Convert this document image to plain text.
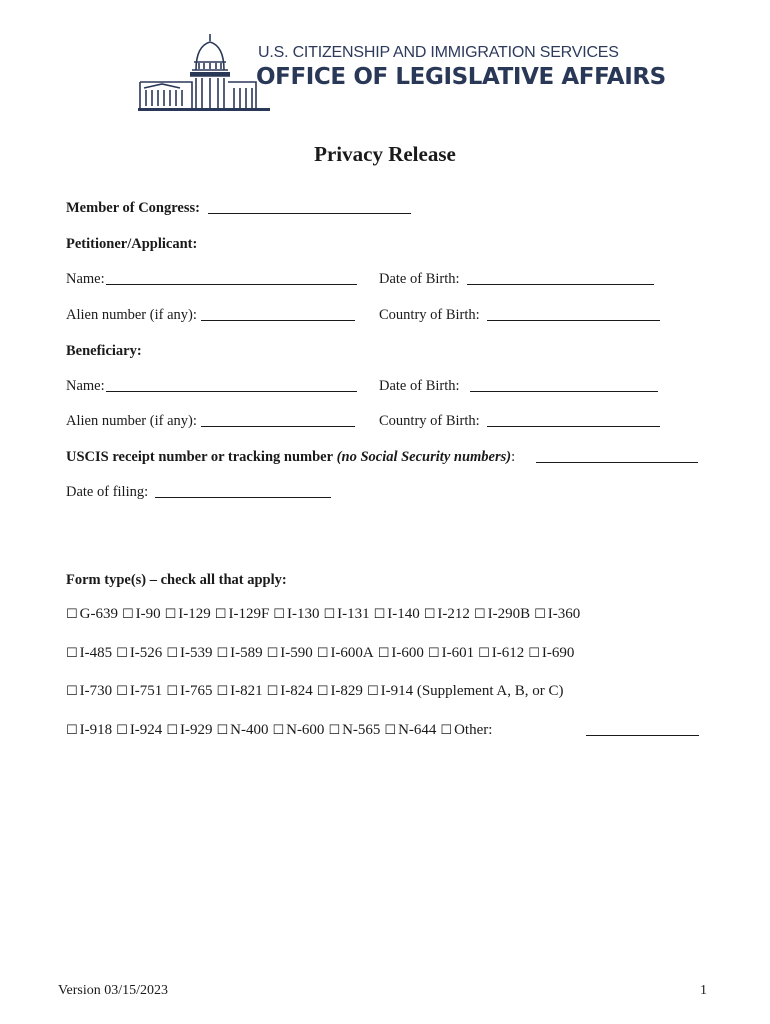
U.S. CITIZENSHIP AND IMMIGRATION SERVICES
OFFICE OF LEGISLATIVE AFFAIRS
Privacy Release
Member of Congress:
Petitioner/Applicant:
Name:	Date of Birth:
Alien number (if any):	Country of Birth:
Beneficiary:
Name:	Date of Birth:
Alien number (if any):	Country of Birth:
USCIS receipt number or tracking number (no Social Security numbers):
Date of filing:
Form type(s) – check all that apply:
☐ G-639 ☐ I-90 ☐ I-129 ☐ I-129F ☐ I-130 ☐ I-131 ☐ I-140 ☐ I-212 ☐ I-290B ☐ I-360
☐ I-485 ☐ I-526 ☐ I-539 ☐ I-589 ☐ I-590 ☐ I-600A ☐ I-600 ☐ I-601 ☐ I-612 ☐ I-690
☐ I-730 ☐ I-751 ☐ I-765 ☐ I-821 ☐ I-824 ☐ I-829 ☐ I-914 (Supplement A, B, or C)
☐ I-918 ☐ I-924 ☐ I-929 ☐ N-400 ☐ N-600 ☐ N-565 ☐ N-644 ☐ Other:
Version 03/15/2023	1
